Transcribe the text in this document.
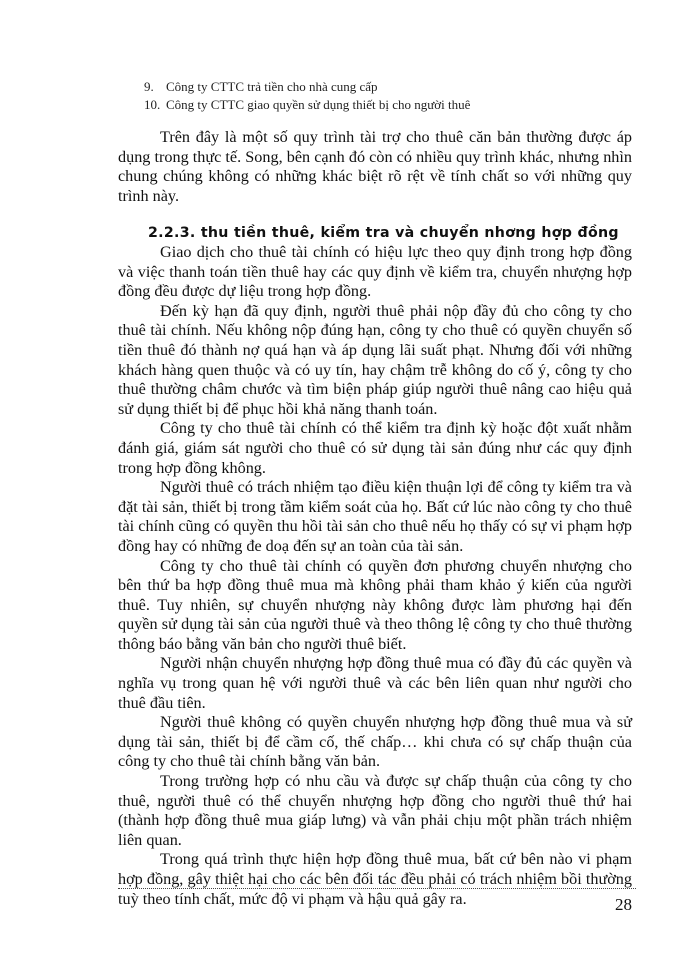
9. Công ty CTTC trả tiền cho nhà cung cấp
10. Công ty CTTC giao quyền sử dụng thiết bị cho người thuê

Trên đây là một số quy trình tài trợ cho thuê căn bản thường được áp dụng trong thực tế. Song, bên cạnh đó còn có nhiều quy trình khác, nhưng nhìn chung chúng không có những khác biệt rõ rệt về tính chất so với những quy trình này.

2.2.3. thu tiền thuê, kiểm tra và chuyển nhơng hợp đồng

Giao dịch cho thuê tài chính có hiệu lực theo quy định trong hợp đồng và việc thanh toán tiền thuê hay các quy định về kiểm tra, chuyển nhượng hợp đồng đều được dự liệu trong hợp đồng.

Đến kỳ hạn đã quy định, người thuê phải nộp đầy đủ cho công ty cho thuê tài chính. Nếu không nộp đúng hạn, công ty cho thuê có quyền chuyển số tiền thuê đó thành nợ quá hạn và áp dụng lãi suất phạt. Nhưng đối với những khách hàng quen thuộc và có uy tín, hay chậm trễ không do cố ý, công ty cho thuê thường châm chước và tìm biện pháp giúp người thuê nâng cao hiệu quả sử dụng thiết bị để phục hồi khả năng thanh toán.

Công ty cho thuê tài chính có thể kiểm tra định kỳ hoặc đột xuất nhằm đánh giá, giám sát người cho thuê có sử dụng tài sản đúng như các quy định trong hợp đồng không.

Người thuê có trách nhiệm tạo điều kiện thuận lợi để công ty kiểm tra và đặt tài sản, thiết bị trong tầm kiểm soát của họ. Bất cứ lúc nào công ty cho thuê tài chính cũng có quyền thu hồi tài sản cho thuê nếu họ thấy có sự vi phạm hợp đồng hay có những đe doạ đến sự an toàn của tài sản.

Công ty cho thuê tài chính có quyền đơn phương chuyển nhượng cho bên thứ ba hợp đồng thuê mua mà không phải tham khảo ý kiến của người thuê. Tuy nhiên, sự chuyển nhượng này không được làm phương hại đến quyền sử dụng tài sản của người thuê và theo thông lệ công ty cho thuê thường thông báo bằng văn bản cho người thuê biết.

Người nhận chuyển nhượng hợp đồng thuê mua có đầy đủ các quyền và nghĩa vụ trong quan hệ với người thuê và các bên liên quan như người cho thuê đầu tiên.

Người thuê không có quyền chuyển nhượng hợp đồng thuê mua và sử dụng tài sản, thiết bị để cầm cố, thế chấp… khi chưa có sự chấp thuận của công ty cho thuê tài chính bằng văn bản.

Trong trường hợp có nhu cầu và được sự chấp thuận của công ty cho thuê, người thuê có thể chuyển nhượng hợp đồng cho người thuê thứ hai (thành hợp đồng thuê mua giáp lưng) và vẫn phải chịu một phần trách nhiệm liên quan.

Trong quá trình thực hiện hợp đồng thuê mua, bất cứ bên nào vi phạm hợp đồng, gây thiệt hại cho các bên đối tác đều phải có trách nhiệm bồi thường tuỳ theo tính chất, mức độ vi phạm và hậu quả gây ra.	28
